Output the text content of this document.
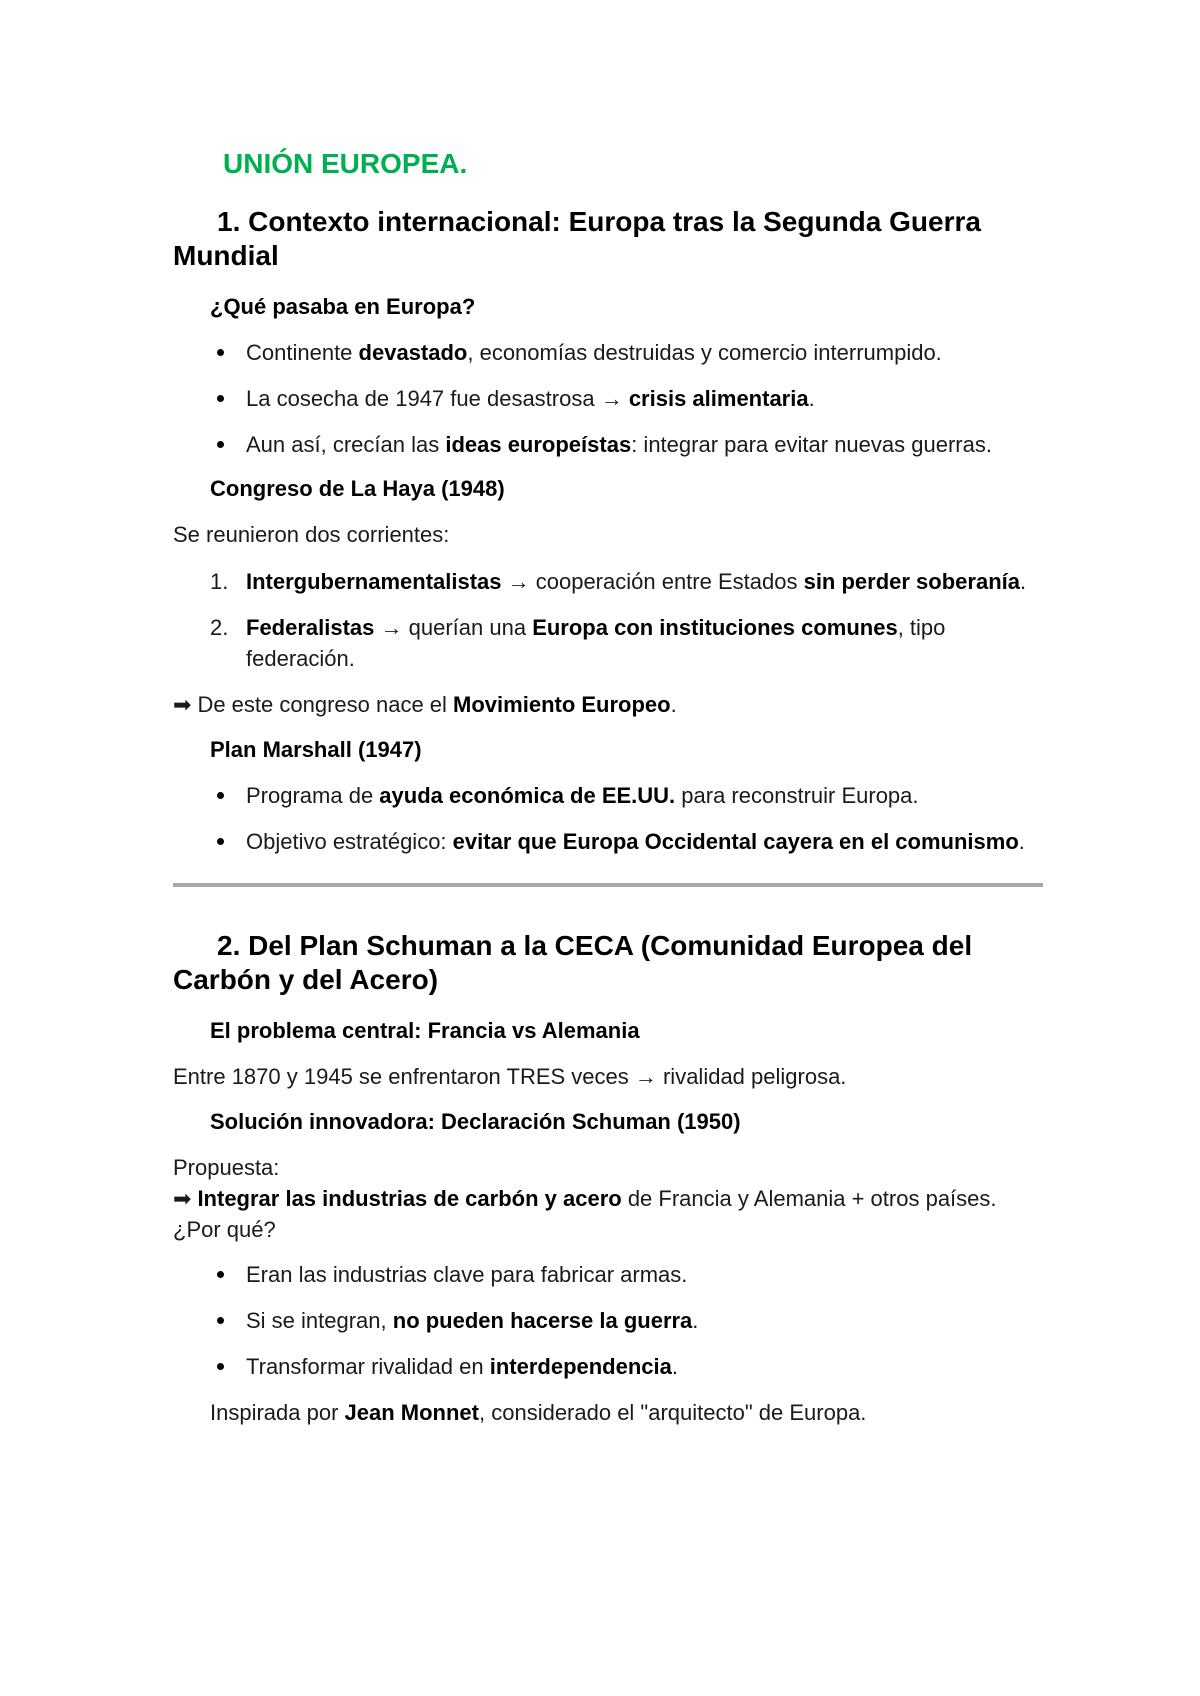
UNIÓN EUROPEA.
1. Contexto internacional: Europa tras la Segunda Guerra Mundial
¿Qué pasaba en Europa?
Continente devastado, economías destruidas y comercio interrumpido.
La cosecha de 1947 fue desastrosa → crisis alimentaria.
Aun así, crecían las ideas europeístas: integrar para evitar nuevas guerras.
Congreso de La Haya (1948)
Se reunieron dos corrientes:
1. Intergubernamentalistas → cooperación entre Estados sin perder soberanía.
2. Federalistas → querían una Europa con instituciones comunes, tipo federación.
➡ De este congreso nace el Movimiento Europeo.
Plan Marshall (1947)
Programa de ayuda económica de EE.UU. para reconstruir Europa.
Objetivo estratégico: evitar que Europa Occidental cayera en el comunismo.
2. Del Plan Schuman a la CECA (Comunidad Europea del Carbón y del Acero)
El problema central: Francia vs Alemania
Entre 1870 y 1945 se enfrentaron TRES veces → rivalidad peligrosa.
Solución innovadora: Declaración Schuman (1950)
Propuesta:
➡ Integrar las industrias de carbón y acero de Francia y Alemania + otros países.
¿Por qué?
Eran las industrias clave para fabricar armas.
Si se integran, no pueden hacerse la guerra.
Transformar rivalidad en interdependencia.
Inspirada por Jean Monnet, considerado el "arquitecto" de Europa.
